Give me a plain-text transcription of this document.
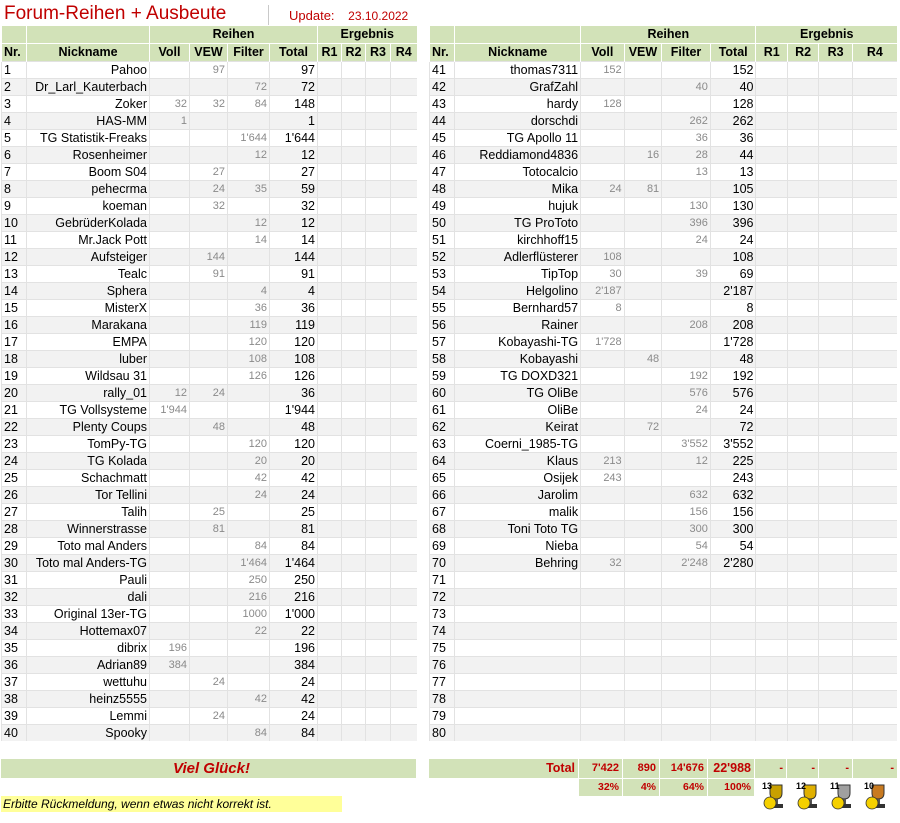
Forum-Reihen + Ausbeute	Update: 23.10.2022
		Reihen				Ergebnis			
Nr.	Nickname	Voll	VEW	Filter	Total	R1	R2	R3	R4
1	Pahoo		97		97				
2	Dr_Larl_Kauterbach			72	72				
3	Zoker	32	32	84	148				
4	HAS-MM	1			1				
5	TG Statistik-Freaks			1'644	1'644				
6	Rosenheimer			12	12				
7	Boom S04		27		27				
8	pehecrma		24	35	59				
9	koeman		32		32				
10	GebrüderKolada			12	12				
11	Mr.Jack Pott			14	14				
12	Aufsteiger		144		144				
13	Tealc		91		91				
14	Sphera			4	4				
15	MisterX			36	36				
16	Marakana			119	119				
17	EMPA			120	120				
18	luber			108	108				
19	Wildsau 31			126	126				
20	rally_01	12	24		36				
21	TG Vollsysteme	1'944			1'944				
22	Plenty Coups		48		48				
23	TomPy-TG			120	120				
24	TG Kolada			20	20				
25	Schachmatt			42	42				
26	Tor Tellini			24	24				
27	Talih		25		25				
28	Winnerstrasse		81		81				
29	Toto mal Anders			84	84				
30	Toto mal Anders-TG			1'464	1'464				
31	Pauli			250	250				
32	dali			216	216				
33	Original 13er-TG			1000	1'000				
34	Hottemax07			22	22				
35	dibrix	196			196				
36	Adrian89	384			384				
37	wettuhu		24		24				
38	heinz5555			42	42				
39	Lemmi		24		24				
40	Spooky			84	84				
		Reihen				Ergebnis			
Nr.	Nickname	Voll	VEW	Filter	Total	R1	R2	R3	R4
41	thomas7311	152			152				
42	GrafZahl			40	40				
43	hardy	128			128				
44	dorschdi			262	262				
45	TG Apollo 11			36	36				
46	Reddiamond4836		16	28	44				
47	Totocalcio			13	13				
48	Mika	24	81		105				
49	hujuk			130	130				
50	TG ProToto			396	396				
51	kirchhoff15			24	24				
52	Adlerflüsterer	108			108				
53	TipTop	30		39	69				
54	Helgolino	2'187			2'187				
55	Bernhard57	8			8				
56	Rainer			208	208				
57	Kobayashi-TG	1'728			1'728				
58	Kobayashi		48		48				
59	TG DOXD321			192	192				
60	TG OliBe			576	576				
61	OliBe			24	24				
62	Keirat		72		72				
63	Coerni_1985-TG			3'552	3'552				
64	Klaus	213		12	225				
65	Osijek	243			243				
66	Jarolim			632	632				
67	malik			156	156				
68	Toni Toto TG			300	300				
69	Nieba			54	54				
70	Behring	32		2'248	2'280				
71									
72									
73									
74									
75									
76									
77									
78									
79									
80									
Viel Glück!	Total	7'422	890	14'676 22'988	-	-	-	-
32%	4%	64%	100%
Erbitte Rückmeldung, wenn etwas nicht korrekt ist.
13	12	11	10
